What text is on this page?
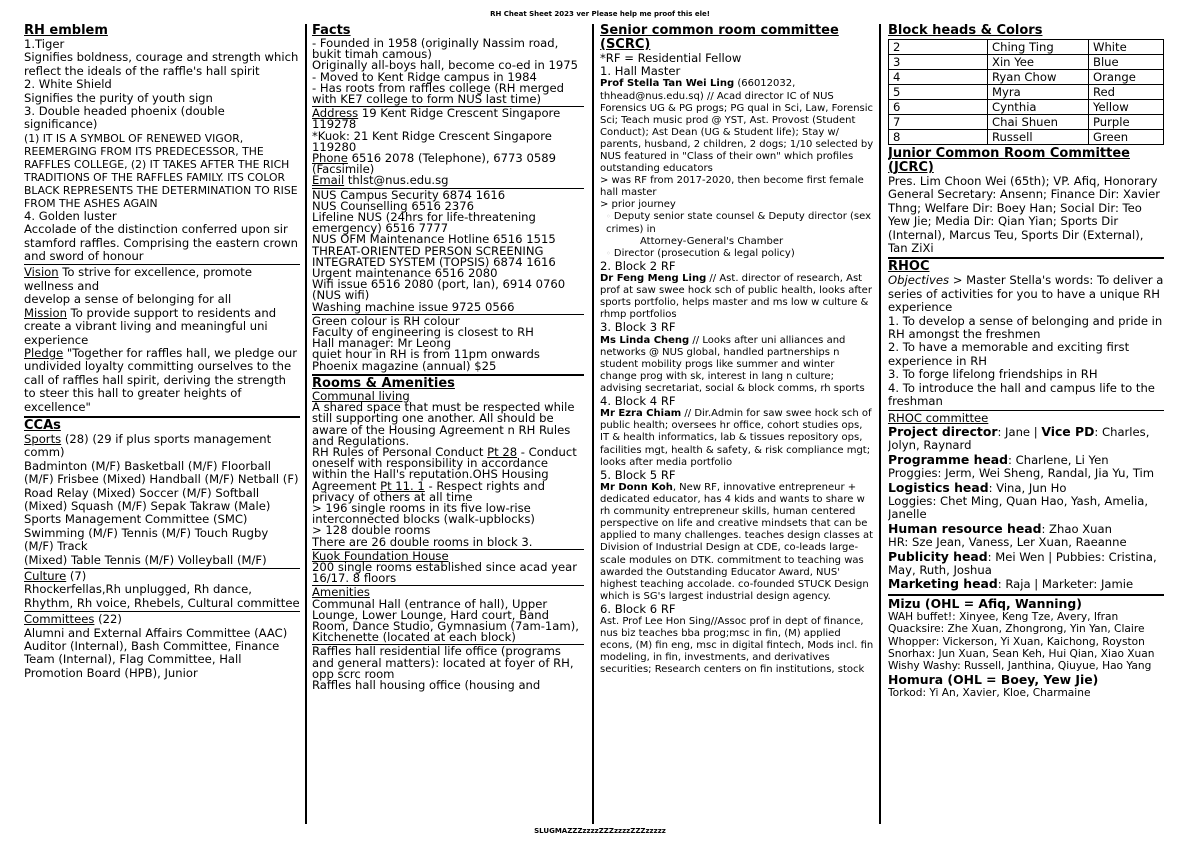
RH Cheat Sheet 2023 ver Please help me proof this ele!
RH emblem
1.Tiger
Signifies boldness, courage and strength which reflect the ideals of the raffle's hall spirit
2. White Shield
Signifies the purity of youth sign
3. Double headed phoenix (double significance)
(1) IT IS A SYMBOL OF RENEWED VIGOR, REEMERGING FROM ITS PREDECESSOR, THE RAFFLES COLLEGE, (2) IT TAKES AFTER THE RICH TRADITIONS OF THE RAFFLES FAMILY. ITS COLOR BLACK REPRESENTS THE DETERMINATION TO RISE FROM THE ASHES AGAIN
4. Golden luster
Accolade of the distinction conferred upon sir stamford raffles. Comprising the eastern crown
and sword of honour
Vision To strive for excellence, promote wellness and
develop a sense of belonging for all
Mission To provide support to residents and create a vibrant living and meaningful uni experience
Pledge "Together for raffles hall, we pledge our undivided loyalty committing ourselves to the call of raffles hall spirit, deriving the strength to steer this hall to greater heights of excellence"
CCAs
Sports (28) (29 if plus sports management comm)
Badminton (M/F) Basketball (M/F) Floorball (M/F) Frisbee (Mixed) Handball (M/F) Netball (F) Road Relay (Mixed) Soccer (M/F) Softball (Mixed) Squash (M/F) Sepak Takraw (Male) Sports Management Committee (SMC) Swimming (M/F) Tennis (M/F) Touch Rugby (M/F) Track
(Mixed) Table Tennis (M/F) Volleyball (M/F)
Culture (7)
Rhockerfellas,Rh unplugged, Rh dance, Rhythm, Rh voice, Rhebels, Cultural committee
Committees (22)
Alumni and External Affairs Committee (AAC) Auditor (Internal), Bash Committee, Finance Team (Internal), Flag Committee, Hall Promotion Board (HPB), Junior
Facts
- Founded in 1958 (originally Nassim road, bukit timah camous)
Originally all-boys hall, become co-ed in 1975
- Moved to Kent Ridge campus in 1984
- Has roots from raffles college (RH merged with KE7 college to form NUS last time)
Address 19 Kent Ridge Crescent Singapore 119278
*Kuok: 21 Kent Ridge Crescent Singapore 119280
Phone 6516 2078 (Telephone), 6773 0589 (Facsimile)
Email thlst@nus.edu.sg
NUS Campus Security 6874 1616
NUS Counselling 6516 2376
Lifeline NUS (24hrs for life-threatening emergency) 6516 7777
NUS OFM Maintenance Hotline 6516 1515
THREAT-ORIENTED PERSON SCREENING INTEGRATED SYSTEM (TOPSIS) 6874 1616
Urgent maintenance 6516 2080
Wifi issue 6516 2080 (port, lan), 6914 0760 (NUS wifi)
Washing machine issue 9725 0566
Green colour is RH colour
Faculty of engineering is closest to RH
Hall manager: Mr Leong
quiet hour in RH is from 11pm onwards
Phoenix magazine (annual) $25
Rooms & Amenities
Communal living
A shared space that must be respected while still supporting one another. All should be aware of the Housing Agreement n RH Rules and Regulations.
RH Rules of Personal Conduct Pt 28 - Conduct oneself with responsibility in accordance within the Hall's reputation.OHS Housing Agreement Pt 11. 1 - Respect rights and privacy of others at all time
> 196 single rooms in its five low-rise interconnected blocks (walk-upblocks)
> 128 double rooms
There are 26 double rooms in block 3.
Kuok Foundation House
200 single rooms established since acad year 16/17. 8 floors
Amenities
Communal Hall (entrance of hall), Upper Lounge, Lower Lounge, Hard court, Band Room, Dance Studio, Gymnasium (7am-1am), Kitchenette (located at each block)
Raffles hall residential life office (programs and general matters): located at foyer of RH, opp scrc room
Raffles hall housing office (housing and
Senior common room committee (SCRC)
*RF = Residential Fellow
1. Hall Master
Prof Stella Tan Wei Ling (66012032, thhead@nus.edu.sq) // Acad director IC of NUS Forensics UG & PG progs; PG qual in Sci, Law, Forensic Sci; Teach music prod @ YST, Ast. Provost (Student Conduct); Ast Dean (UG & Student life); Stay w/ parents, husband, 2 children, 2 dogs; 1/10 selected by NUS featured in "Class of their own" which profiles outstanding educators
> was RF from 2017-2020, then become first female hall master
> prior journey
◦ Deputy senior state counsel & Deputy director (sex crimes) in
Attorney-General's Chamber
◦ Director (prosecution & legal policy)
2. Block 2 RF
Dr Feng Meng Ling // Ast. director of research, Ast prof at saw swee hock sch of public health, looks after sports portfolio, helps master and ms low w culture & rhmp portfolios
3. Block 3 RF
Ms Linda Cheng // Looks after uni alliances and networks @ NUS global, handled partnerships n student mobility progs like summer and winter change prog with sk, interest in lang n culture; advising secretariat, social & block comms, rh sports
4. Block 4 RF
Mr Ezra Chiam // Dir.Admin for saw swee hock sch of public health; oversees hr office, cohort studies ops, IT & health informatics, lab & tissues repository ops, facilities mgt, health & safety, & risk compliance mgt; looks after media portfolio
5. Block 5 RF
Mr Donn Koh, New RF, innovative entrepreneur + dedicated educator, has 4 kids and wants to share w rh community entrepreneur skills, human centered perspective on life and creative mindsets that can be applied to many challenges. teaches design classes at Division of Industrial Design at CDE, co-leads large-scale modules on DTK. commitment to teaching was awarded the Outstanding Educator Award, NUS' highest teaching accolade. co-founded STUCK Design which is SG's largest industrial design agency.
6. Block 6 RF
Ast. Prof Lee Hon Sing//Assoc prof in dept of finance, nus biz teaches bba prog;msc in fin, (M) applied econs, (M) fin eng, msc in digital fintech, Mods incl. fin modeling, in fin, investments, and derivatives securities; Research centers on fin institutions, stock
Block heads & Colors
2	Ching Ting	White
3	Xin Yee	Blue
4	Ryan Chow	Orange
5	Myra	Red
6	Cynthia	Yellow
7	Chai Shuen	Purple
8	Russell	Green
Junior Common Room Committee (JCRC)
Pres. Lim Choon Wei (65th); VP. Afiq, Honorary General Secretary: Ansenn; Finance Dir: Xavier Thng; Welfare Dir: Boey Han; Social Dir: Teo Yew Jie; Media Dir: Qian Yian; Sports Dir (Internal), Marcus Teu, Sports Dir (External), Tan ZiXi
RHOC
Objectives > Master Stella's words: To deliver a series of activities for you to have a unique RH experience
1. To develop a sense of belonging and pride in RH amongst the freshmen
2. To have a memorable and exciting first experience in RH
3. To forge lifelong friendships in RH
4. To introduce the hall and campus life to the freshman
RHOC committee
Project director: Jane | Vice PD: Charles, Jolyn, Raynard
Programme head: Charlene, Li Yen
Proggies: Jerm, Wei Sheng, Randal, Jia Yu, Tim
Logistics head: Vina, Jun Ho
Loggies: Chet Ming, Quan Hao, Yash, Amelia, Janelle
Human resource head: Zhao Xuan
HR: Sze Jean, Vaness, Ler Xuan, Raeanne
Publicity head: Mei Wen | Pubbies: Cristina, May, Ruth, Joshua
Marketing head: Raja | Marketer: Jamie
Mizu (OHL = Afiq, Wanning)
WAH buffet!: Xinyee, Keng Tze, Avery, Ifran
Quacksire: Zhe Xuan, Zhongrong, Yin Yan, Claire
Whopper: Vickerson, Yi Xuan, Kaichong, Royston
Snorhax: Jun Xuan, Sean Keh, Hui Qian, Xiao Xuan
Wishy Washy: Russell, Janthina, Qiuyue, Hao Yang
Homura (OHL = Boey, Yew Jie)
Torkod: Yi An, Xavier, Kloe, Charmaine
SLUGMAZZZzzzzZZZzzzzZZZzzzzz
